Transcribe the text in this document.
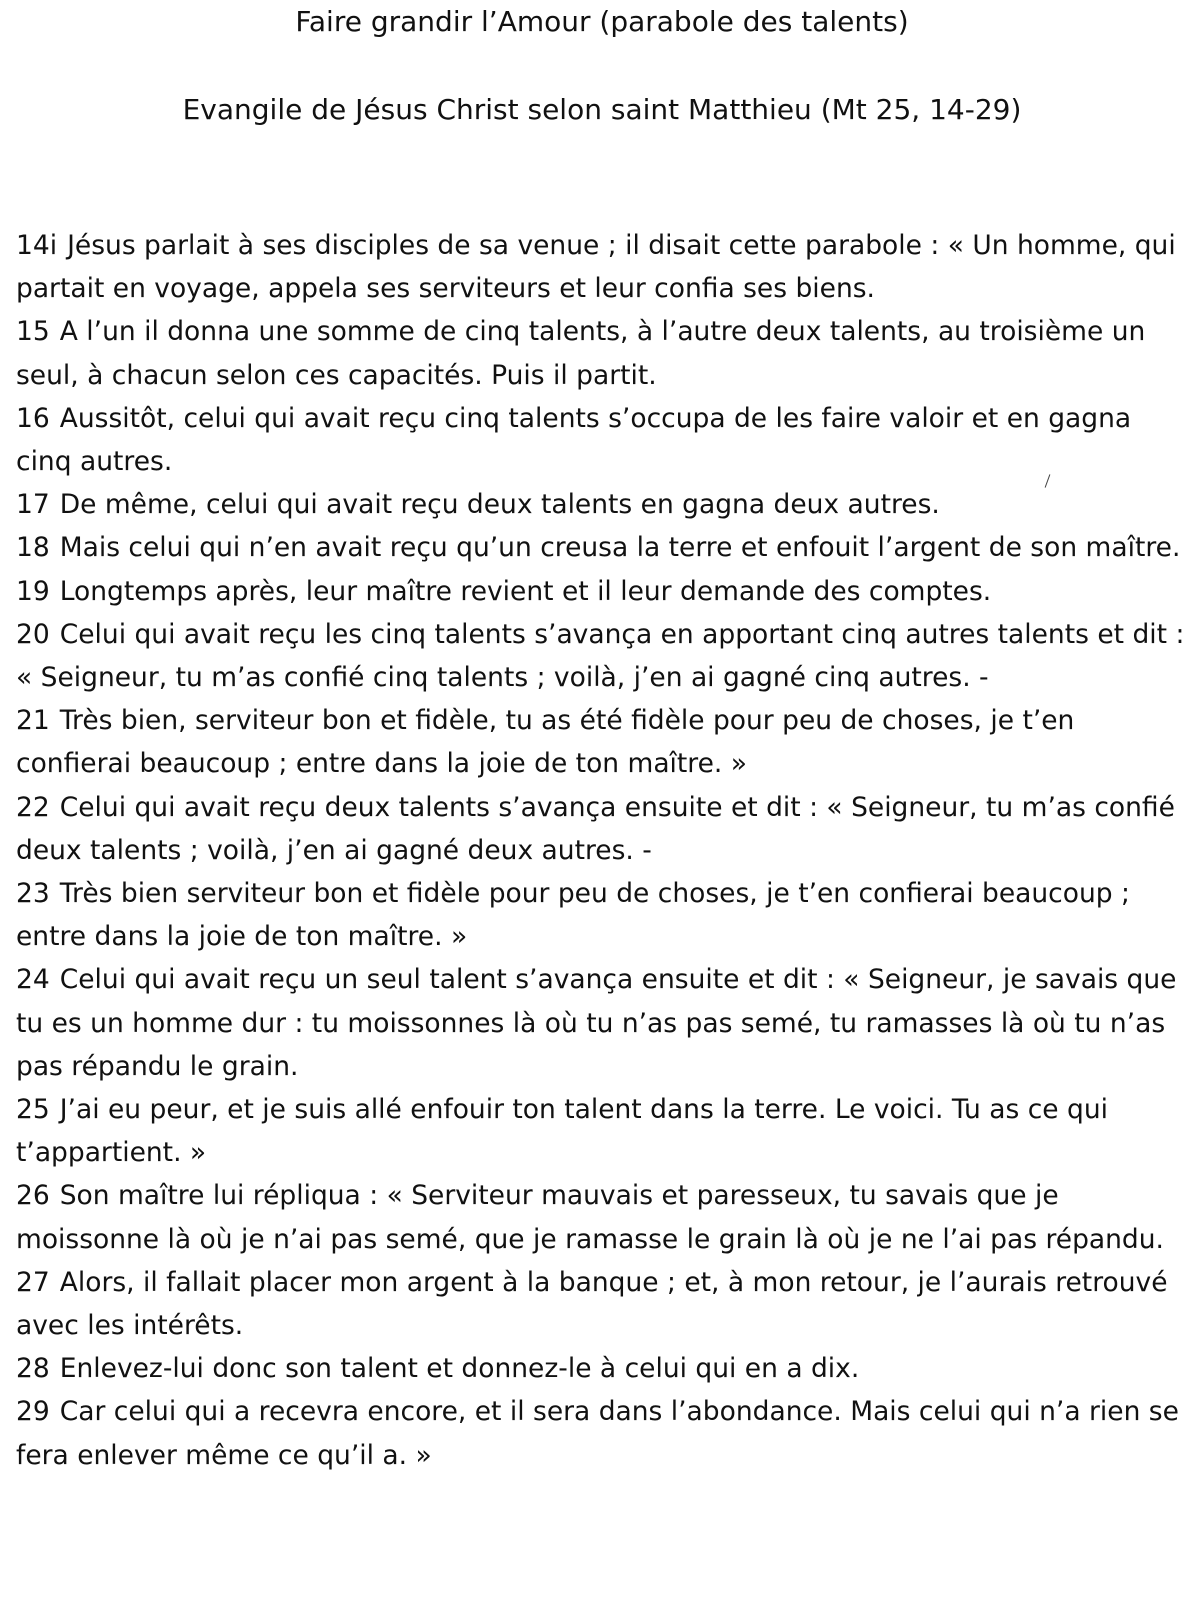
Faire grandir l’Amour (parabole des talents)
Evangile de Jésus Christ selon saint Matthieu (Mt 25, 14-29)
14i Jésus parlait à ses disciples de sa venue ; il disait cette parabole : « Un homme, qui partait en voyage, appela ses serviteurs et leur confia ses biens.
15 A l’un il donna une somme de cinq talents, à l’autre deux talents, au troisième un seul, à chacun selon ces capacités. Puis il partit.
16 Aussitôt, celui qui avait reçu cinq talents s’occupa de les faire valoir et en gagna cinq autres.
17 De même, celui qui avait reçu deux talents en gagna deux autres.
18 Mais celui qui n’en avait reçu qu’un creusa la terre et enfouit l’argent de son maître.
19 Longtemps après, leur maître revient et il leur demande des comptes.
20 Celui qui avait reçu les cinq talents s’avança en apportant cinq autres talents et dit : « Seigneur, tu m’as confié cinq talents ; voilà, j’en ai gagné cinq autres. -
21 Très bien, serviteur bon et fidèle, tu as été fidèle pour peu de choses, je t’en confierai beaucoup ; entre dans la joie de ton maître. »
22 Celui qui avait reçu deux talents s’avança ensuite et dit : « Seigneur, tu m’as confié deux talents ; voilà, j’en ai gagné deux autres. -
23 Très bien serviteur bon et fidèle pour peu de choses, je t’en confierai beaucoup ; entre dans la joie de ton maître. »
24 Celui qui avait reçu un seul talent s’avança ensuite et dit : « Seigneur, je savais que tu es un homme dur : tu moissonnes là où tu n’as pas semé, tu ramasses là où tu n’as pas répandu le grain.
25 J’ai eu peur, et je suis allé enfouir ton talent dans la terre. Le voici. Tu as ce qui t’appartient. »
26 Son maître lui répliqua : « Serviteur mauvais et paresseux, tu savais que je moissonne là où je n’ai pas semé, que je ramasse le grain là où je ne l’ai pas répandu.
27 Alors, il fallait placer mon argent à la banque ; et, à mon retour, je l’aurais retrouvé avec les intérêts.
28 Enlevez-lui donc son talent et donnez-le à celui qui en a dix.
29 Car celui qui a recevra encore, et il sera dans l’abondance. Mais celui qui n’a rien se fera enlever même ce qu’il a. »
